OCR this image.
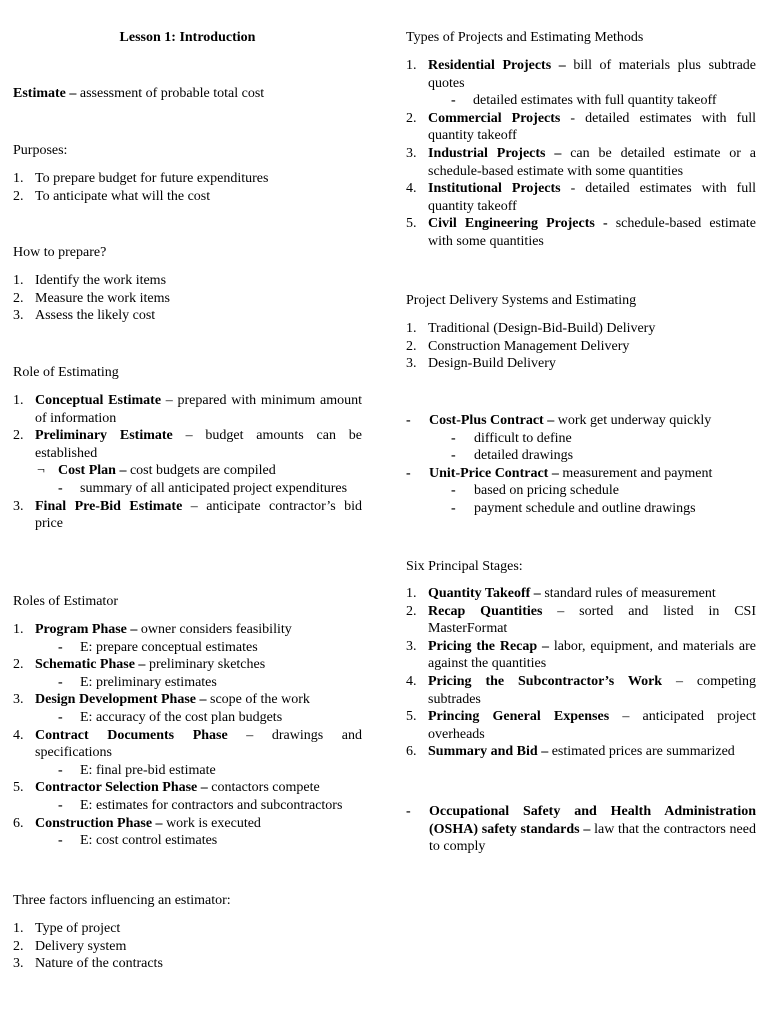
Lesson 1: Introduction

Estimate – assessment of probable total cost

Purposes:

1. To prepare budget for future expenditures
2. To anticipate what will the cost

How to prepare?

1. Identify the work items
2. Measure the work items
3. Assess the likely cost

Role of Estimating

1. Conceptual Estimate – prepared with minimum amount of information
2. Preliminary Estimate – budget amounts can be established
¬ Cost Plan – cost budgets are compiled
- summary of all anticipated project expenditures
3. Final Pre-Bid Estimate – anticipate contractor’s bid price

Roles of Estimator

1. Program Phase – owner considers feasibility
- E: prepare conceptual estimates
2. Schematic Phase – preliminary sketches
- E: preliminary estimates
3. Design Development Phase – scope of the work
- E: accuracy of the cost plan budgets
4. Contract Documents Phase – drawings and specifications
- E: final pre-bid estimate
5. Contractor Selection Phase – contactors compete
- E: estimates for contractors and subcontractors
6. Construction Phase – work is executed
- E: cost control estimates

Three factors influencing an estimator:

1. Type of project
2. Delivery system
3. Nature of the contracts

Types of Projects and Estimating Methods

1. Residential Projects – bill of materials plus subtrade quotes
- detailed estimates with full quantity takeoff
2. Commercial Projects - detailed estimates with full quantity takeoff
3. Industrial Projects – can be detailed estimate or a schedule-based estimate with some quantities
4. Institutional Projects - detailed estimates with full quantity takeoff
5. Civil Engineering Projects - schedule-based estimate with some quantities

Project Delivery Systems and Estimating

1. Traditional (Design-Bid-Build) Delivery
2. Construction Management Delivery
3. Design-Build Delivery
- Cost-Plus Contract – work get underway quickly
- difficult to define
- detailed drawings
- Unit-Price Contract – measurement and payment
- based on pricing schedule
- payment schedule and outline drawings

Six Principal Stages:

1. Quantity Takeoff – standard rules of measurement
2. Recap Quantities – sorted and listed in CSI MasterFormat
3. Pricing the Recap – labor, equipment, and materials are against the quantities
4. Pricing the Subcontractor’s Work – competing subtrades
5. Princing General Expenses – anticipated project overheads
6. Summary and Bid – estimated prices are summarized
- Occupational Safety and Health Administration (OSHA) safety standards – law that the contractors need to comply
